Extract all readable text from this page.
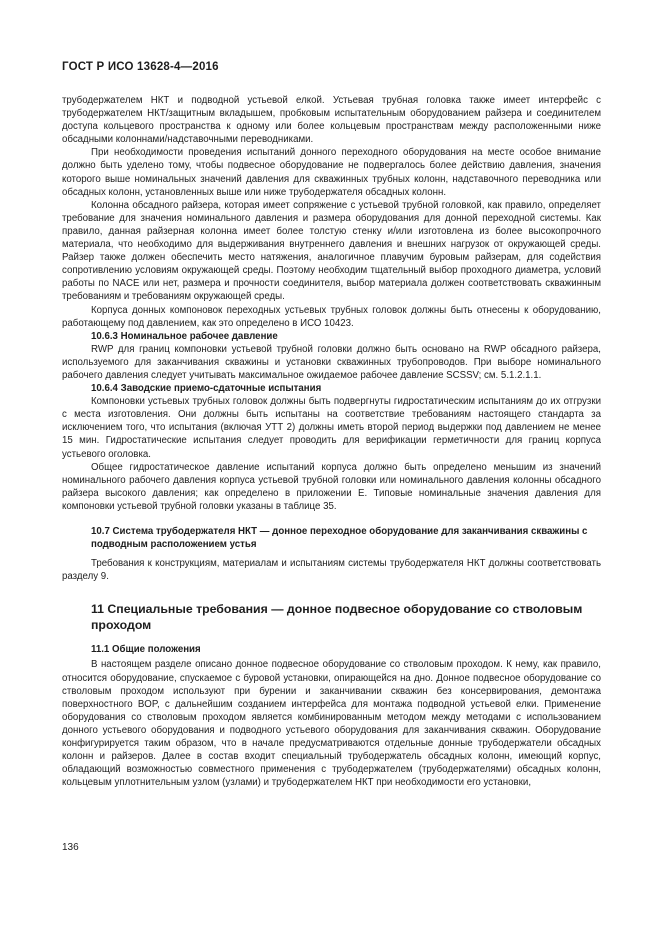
ГОСТ Р ИСО 13628-4—2016

трубодержателем НКТ и подводной устьевой елкой. Устьевая трубная головка также имеет интерфейс с трубодержателем НКТ/защитным вкладышем, пробковым испытательным оборудованием райзера и соединителем доступа кольцевого пространства к одному или более кольцевым пространствам между расположенными ниже обсадными колоннами/надставочными переводниками.

При необходимости проведения испытаний донного переходного оборудования на месте особое внимание должно быть уделено тому, чтобы подвесное оборудование не подвергалось более действию давления, значения которого выше номинальных значений давления для скважинных трубных колонн, надставочного переводника или обсадных колонн, установленных выше или ниже трубодержателя обсадных колонн.

Колонна обсадного райзера, которая имеет сопряжение с устьевой трубной головкой, как правило, определяет требование для значения номинального давления и размера оборудования для донной переходной системы. Как правило, данная райзерная колонна имеет более толстую стенку и/или изготовлена из более высокопрочного материала, что необходимо для выдерживания внутреннего давления и внешних нагрузок от окружающей среды. Райзер также должен обеспечить место натяжения, аналогичное плавучим буровым райзерам, для содействия сопротивлению условиям окружающей среды. Поэтому необходим тщательный выбор проходного диаметра, условий работы по NACE или нет, размера и прочности соединителя, выбор материала должен соответствовать скважинным требованиям и требованиям окружающей среды.

Корпуса донных компоновок переходных устьевых трубных головок должны быть отнесены к оборудованию, работающему под давлением, как это определено в ИСО 10423.

10.6.3 Номинальное рабочее давление

RWP для границ компоновки устьевой трубной головки должно быть основано на RWP обсадного райзера, используемого для заканчивания скважины и установки скважинных трубопроводов. При выборе номинального рабочего давления следует учитывать максимальное ожидаемое рабочее давление SCSSV; см. 5.1.2.1.1.

10.6.4 Заводские приемо-сдаточные испытания

Компоновки устьевых трубных головок должны быть подвергнуты гидростатическим испытаниям до их отгрузки с места изготовления. Они должны быть испытаны на соответствие требованиям настоящего стандарта за исключением того, что испытания (включая УТТ 2) должны иметь второй период выдержки под давлением не менее 15 мин. Гидростатические испытания следует проводить для верификации герметичности для границ корпуса устьевого оголовка.

Общее гидростатическое давление испытаний корпуса должно быть определено меньшим из значений номинального рабочего давления корпуса устьевой трубной головки или номинального давления колонны обсадного райзера высокого давления; как определено в приложении Е. Типовые номинальные значения давления для компоновки устьевой трубной головки указаны в таблице 35.

10.7 Система трубодержателя НКТ — донное переходное оборудование для заканчивания скважины с подводным расположением устья

Требования к конструкциям, материалам и испытаниям системы трубодержателя НКТ должны соответствовать разделу 9.

11 Специальные требования — донное подвесное оборудование со стволовым проходом

11.1 Общие положения

В настоящем разделе описано донное подвесное оборудование со стволовым проходом. К нему, как правило, относится оборудование, спускаемое с буровой установки, опирающейся на дно. Донное подвесное оборудование со стволовым проходом используют при бурении и заканчивании скважин без консервирования, демонтажа поверхностного BOP, с дальнейшим созданием интерфейса для монтажа подводной устьевой елки. Применение оборудования со стволовым проходом является комбинированным методом между методами с использованием донного устьевого оборудования и подводного устьевого оборудования для заканчивания скважин. Оборудование конфигурируется таким образом, что в начале предусматриваются отдельные донные трубодержатели обсадных колонн и райзеров. Далее в состав входит специальный трубодержатель обсадных колонн, имеющий корпус, обладающий возможностью совместного применения с трубодержателем (трубодержателями) обсадных колонн, кольцевым уплотнительным узлом (узлами) и трубодержателем НКТ при необходимости его установки,

136
